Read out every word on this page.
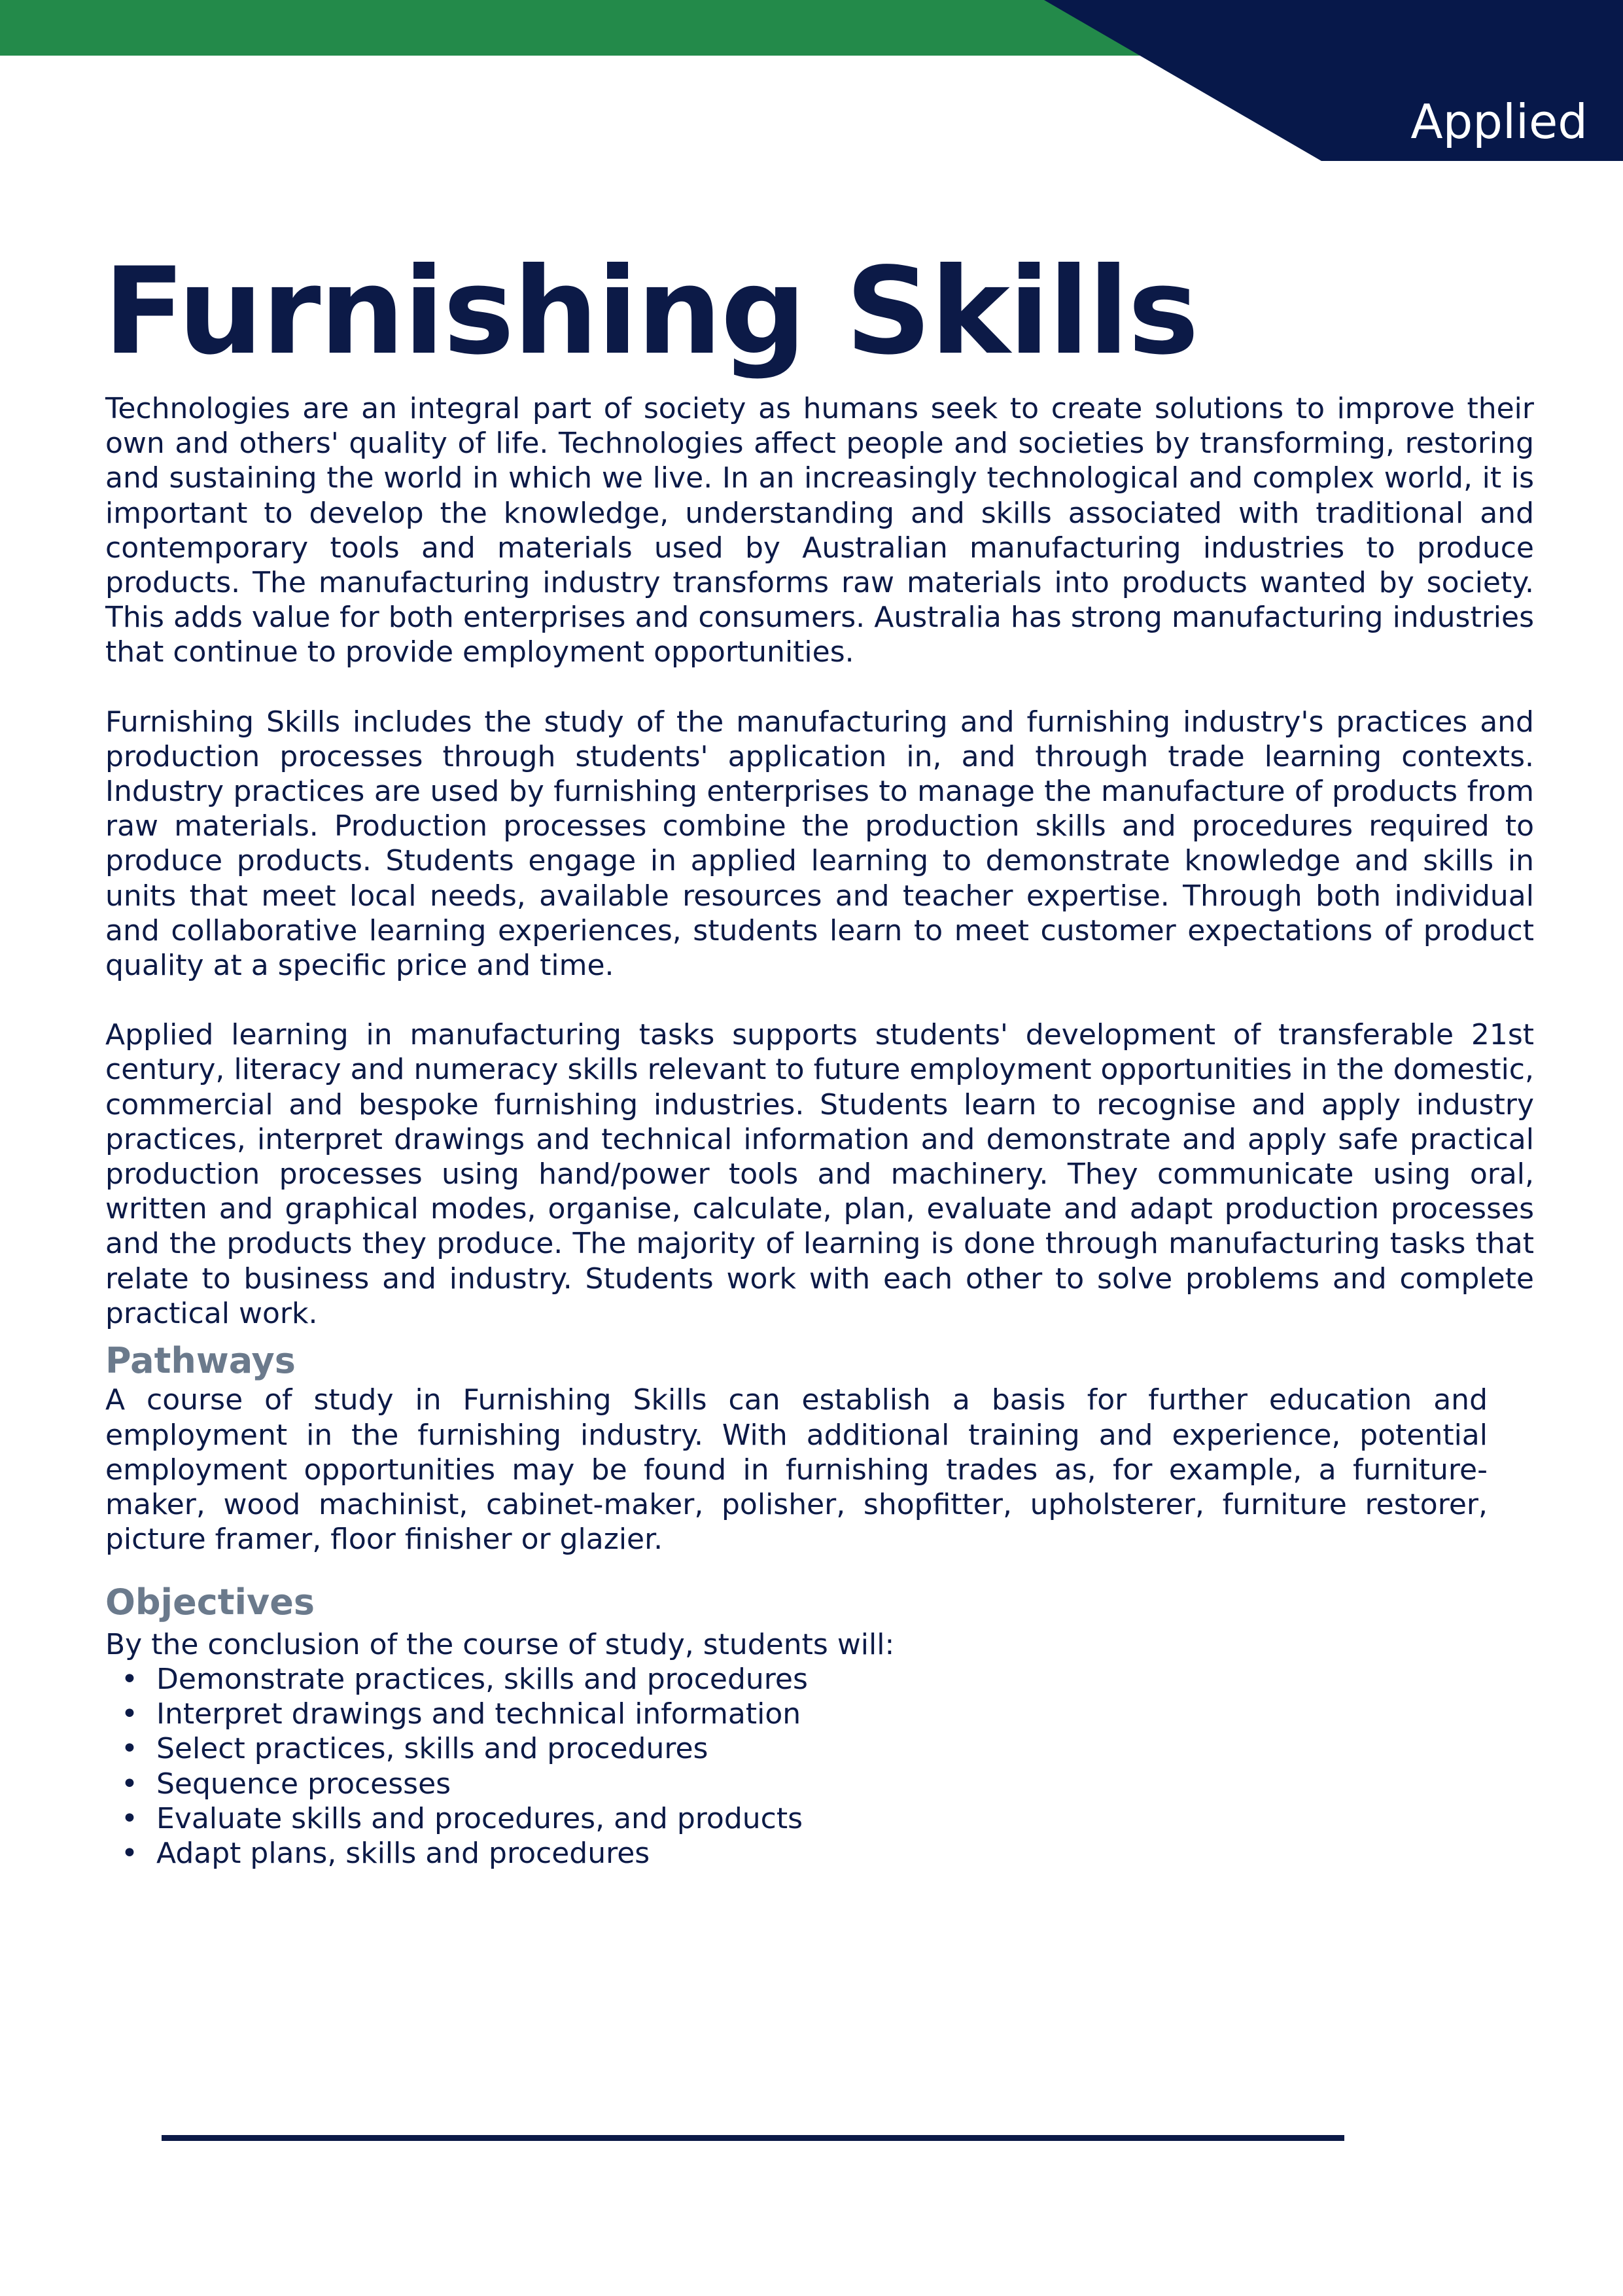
Applied
Furnishing Skills

Technologies are an integral part of society as humans seek to create solutions to improve their own and others' quality of life. Technologies affect people and societies by transforming, restoring and sustaining the world in which we live. In an increasingly technological and complex world, it is important to develop the knowledge, understanding and skills associated with traditional and contemporary tools and materials used by Australian manufacturing industries to produce products. The manufacturing industry transforms raw materials into products wanted by society. This adds value for both enterprises and consumers. Australia has strong manufacturing industries that continue to provide employment opportunities.

Furnishing Skills includes the study of the manufacturing and furnishing industry's practices and production processes through students' application in, and through trade learning contexts. Industry practices are used by furnishing enterprises to manage the manufacture of products from raw materials. Production processes combine the production skills and procedures required to produce products. Students engage in applied learning to demonstrate knowledge and skills in units that meet local needs, available resources and teacher expertise. Through both individual and collaborative learning experiences, students learn to meet customer expectations of product quality at a specific price and time.

Applied learning in manufacturing tasks supports students' development of transferable 21st century, literacy and numeracy skills relevant to future employment opportunities in the domestic, commercial and bespoke furnishing industries. Students learn to recognise and apply industry practices, interpret drawings and technical information and demonstrate and apply safe practical production processes using hand/power tools and machinery. They communicate using oral, written and graphical modes, organise, calculate, plan, evaluate and adapt production processes and the products they produce. The majority of learning is done through manufacturing tasks that relate to business and industry. Students work with each other to solve problems and complete practical work.

Pathways

A course of study in Furnishing Skills can establish a basis for further education and employment in the furnishing industry. With additional training and experience, potential employment opportunities may be found in furnishing trades as, for example, a furniture-maker, wood machinist, cabinet-maker, polisher, shopfitter, upholsterer, furniture restorer, picture framer, floor finisher or glazier.

Objectives

By the conclusion of the course of study, students will:

• Demonstrate practices, skills and procedures
• Interpret drawings and technical information
• Select practices, skills and procedures
• Sequence processes
• Evaluate skills and procedures, and products
• Adapt plans, skills and procedures
